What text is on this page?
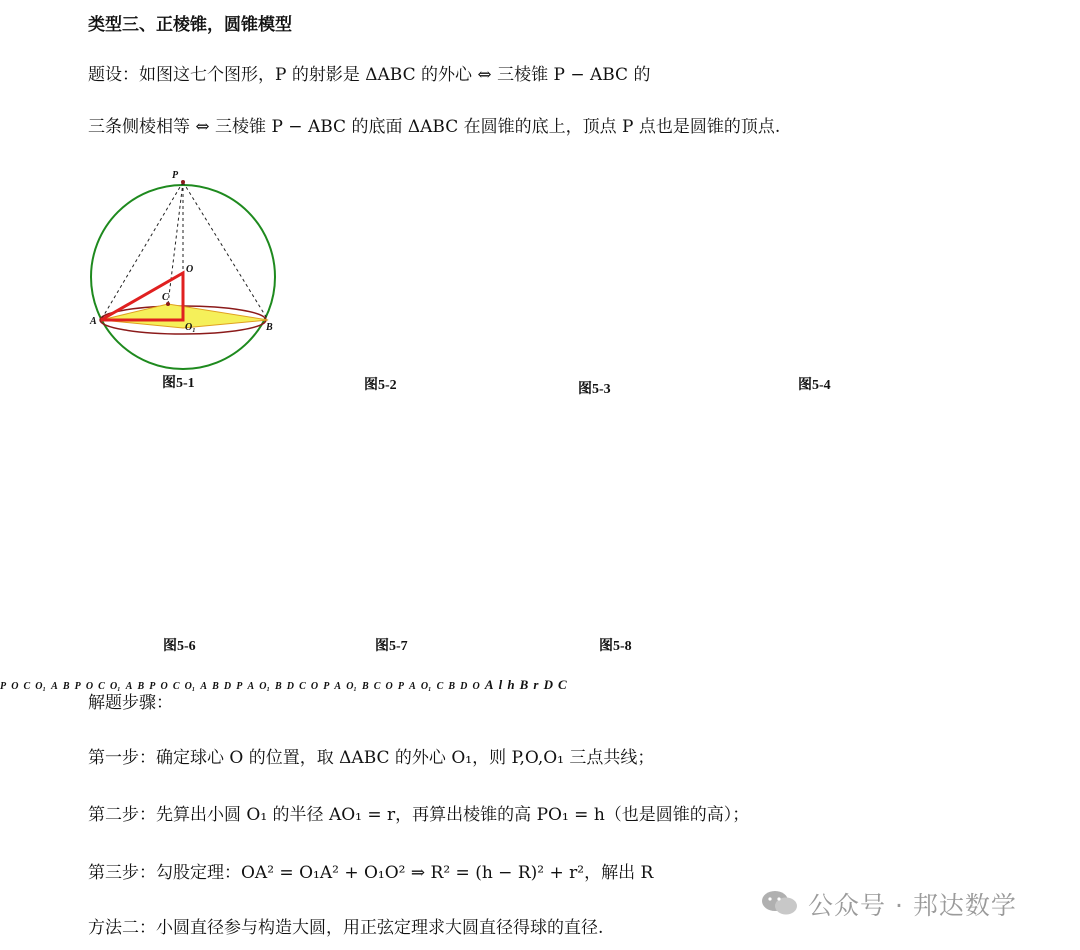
类型三、正棱锥，圆锥模型
题设：如图这七个图形，P 的射影是 ΔABC 的外心 ⇔ 三棱锥 P − ABC 的
三条侧棱相等 ⇔ 三棱锥 P − ABC 的底面 ΔABC 在圆锥的底上，顶点 P 点也是圆锥的顶点.
P
O
C
O₁
A
B
P O C O₁ A B P O C O₁ A B P O C O₁ A B D P A O₁ B D C O P A O₁ B C O P A O₁ C B D O A l h B r D C
图5-1	图5-2	图5-3	图5-4
图5-6	图5-7	图5-8
解题步骤：
第一步：确定球心 O 的位置，取 ΔABC 的外心 O₁，则 P,O,O₁ 三点共线；
第二步：先算出小圆 O₁ 的半径 AO₁ = r，再算出棱锥的高 PO₁ = h（也是圆锥的高）；
第三步：勾股定理：OA² = O₁A² + O₁O² ⇒ R² = (h − R)² + r²，解出 R
方法二：小圆直径参与构造大圆，用正弦定理求大圆直径得球的直径.
公众号 · 邦达数学
